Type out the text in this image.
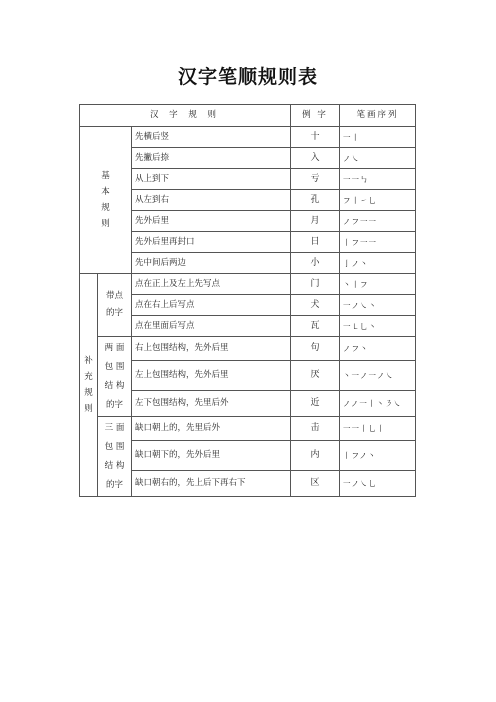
汉字笔顺规则表
汉 字 规 则			例 字	笔画序列

基
本
规
则		先横后竖	十	一丨
		先撇后捺	入	ノ㇏
		从上到下	亏	一一㇉
		从左到右	孔	フ丨㇀乚
		先外后里	月	ノフ一一
		先外后里再封口	日	丨フ一一
		先中间后两边	小	亅ノ丶

补
充
规
则	带点
的字	点在正上及左上先写点	门	丶丨フ
		点在右上后写点	犬	一ノ㇏丶
		点在里面后写点	瓦	一㇄乚丶

	两 面
包 围
结 构
的字	右上包围结构，先外后里	句	ノフ丶
		左上包围结构，先外后里	厌	丶一ノ一ノ㇏
		左下包围结构，先里后外	近	ノノ一丨丶㇋㇏

	三 面
包 围
结 构
的字	缺口朝上的，先里后外	击	一一丨乚丨
		缺口朝下的，先外后里	内	丨フノ丶
		缺口朝右的，先上后下再右下	区	一ノ㇏乚
